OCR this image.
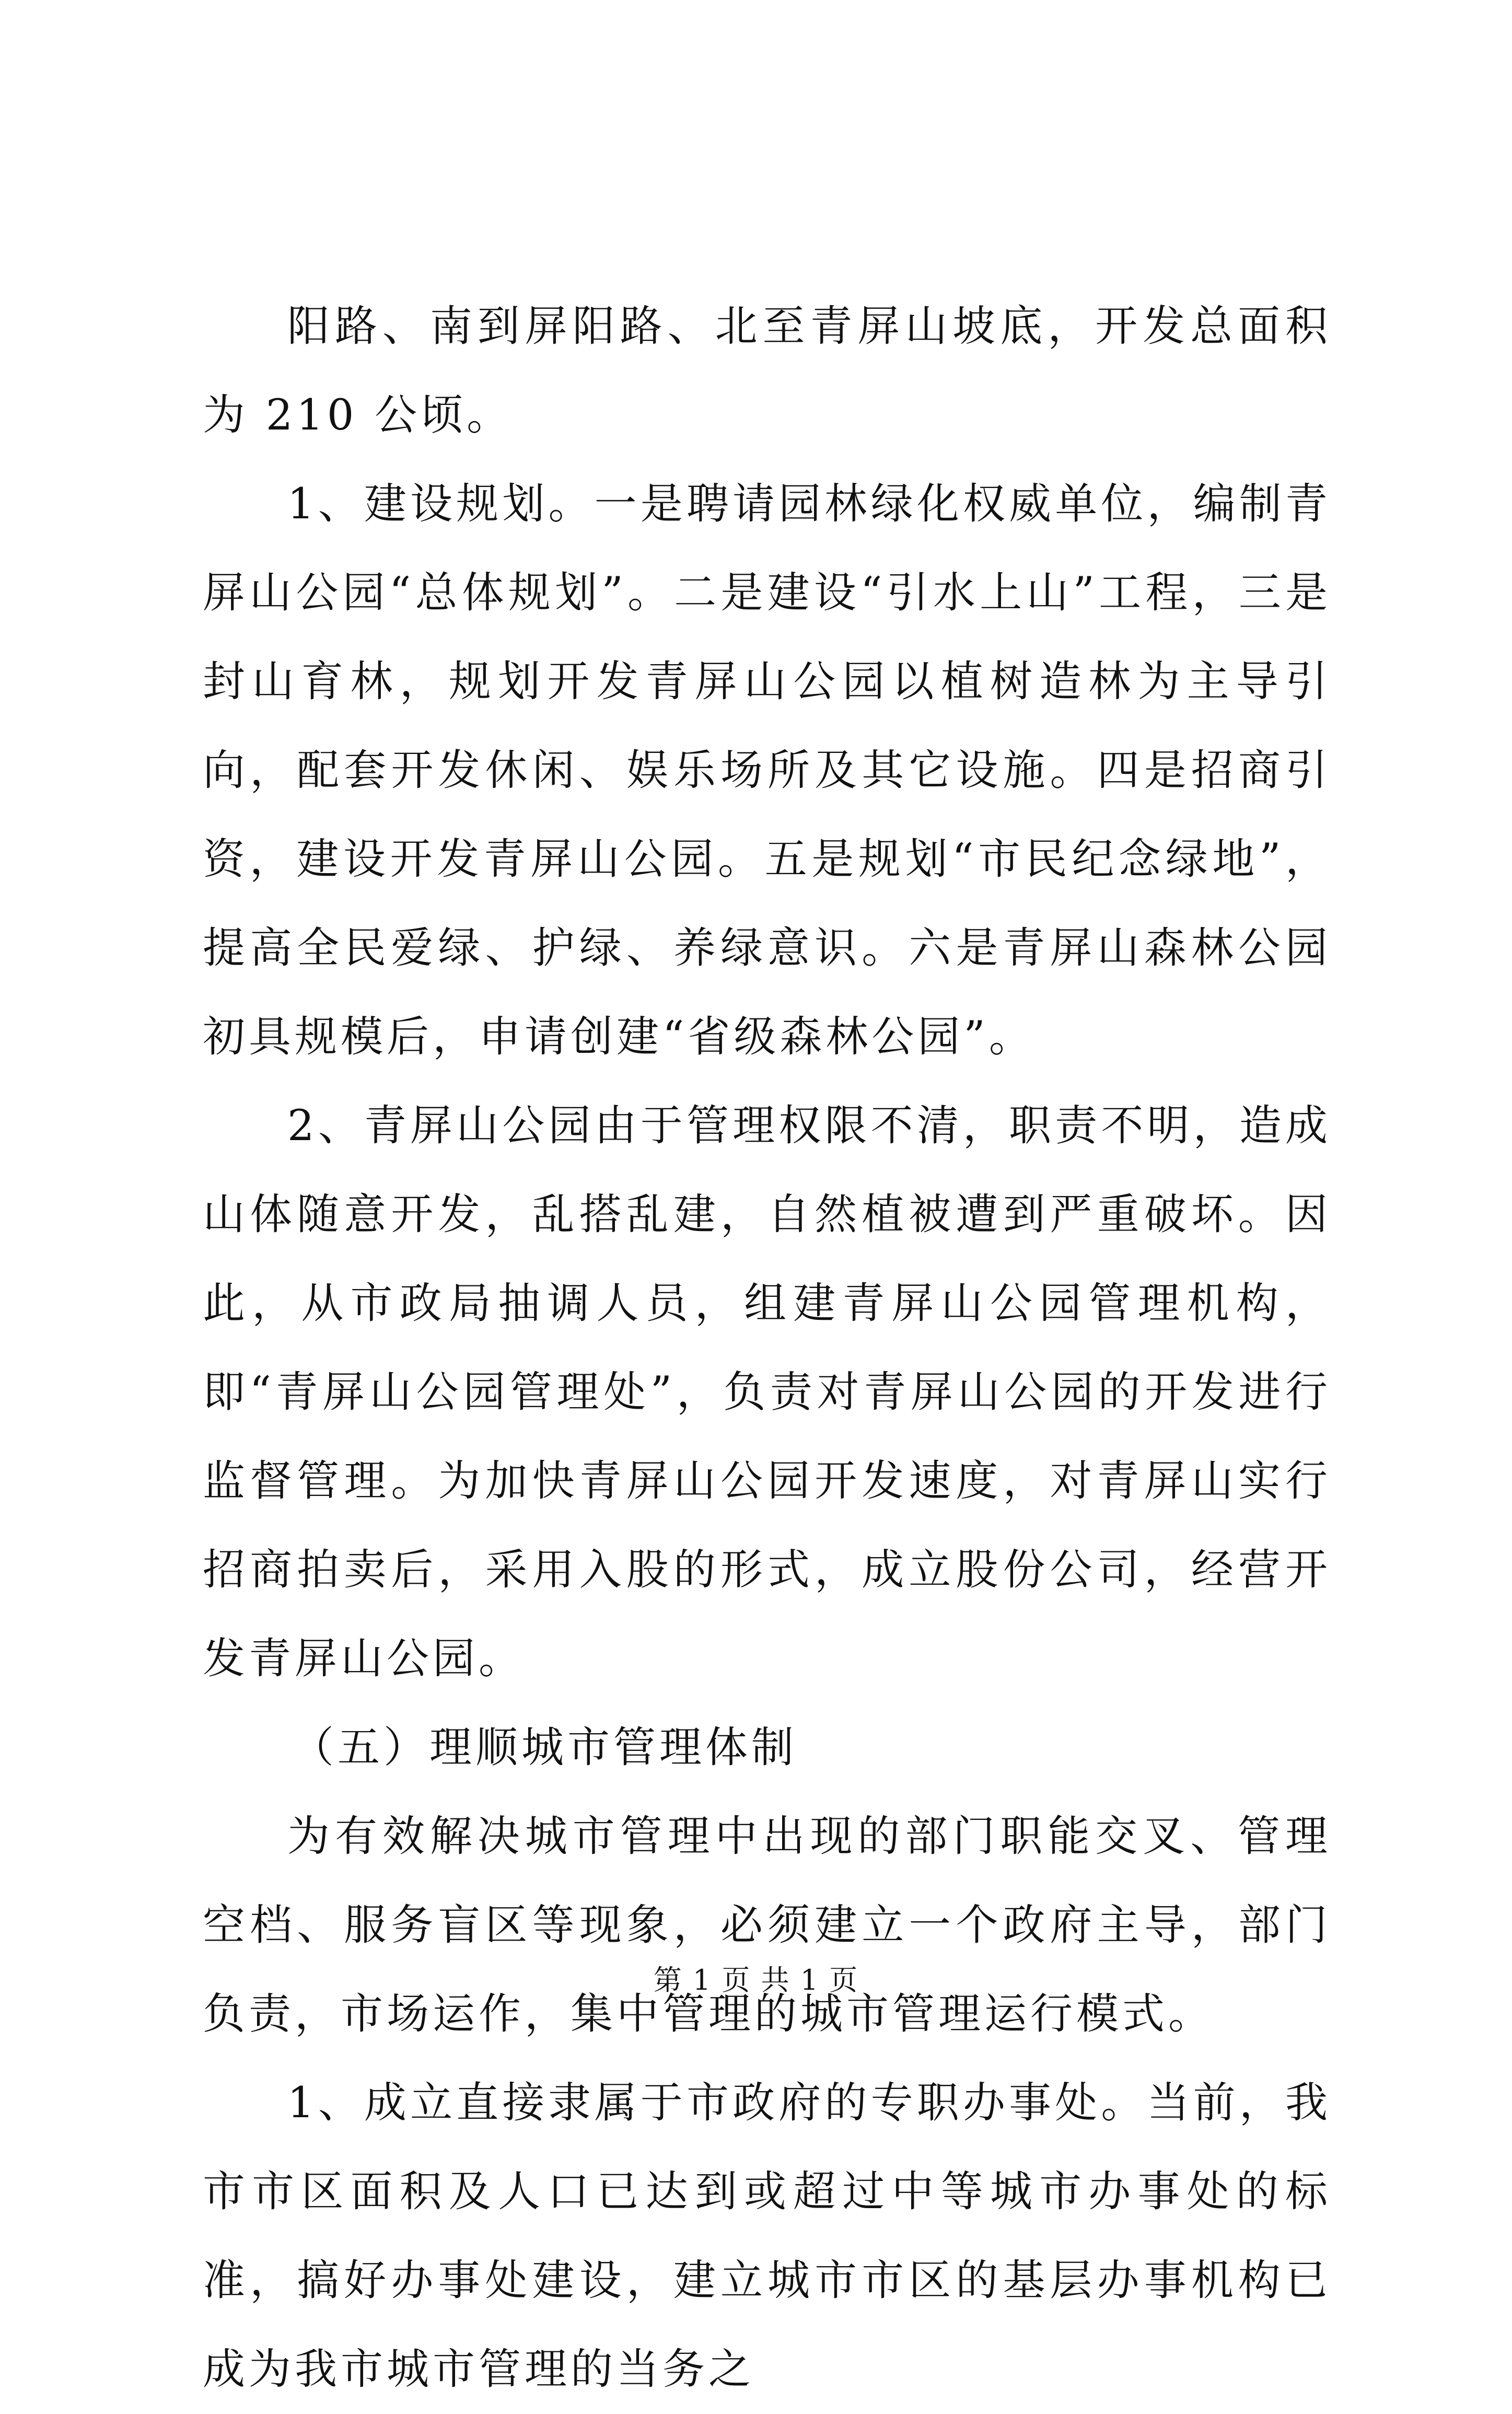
阳路、南到屏阳路、北至青屏山坡底，开发总面积为 210 公顷。

1、建设规划。一是聘请园林绿化权威单位，编制青屏山公园“总体规划”。二是建设“引水上山”工程，三是封山育林，规划开发青屏山公园以植树造林为主导引向，配套开发休闲、娱乐场所及其它设施。四是招商引资，建设开发青屏山公园。五是规划“市民纪念绿地”，提高全民爱绿、护绿、养绿意识。六是青屏山森林公园初具规模后，申请创建“省级森林公园”。

2、青屏山公园由于管理权限不清，职责不明，造成山体随意开发，乱搭乱建，自然植被遭到严重破坏。因此，从市政局抽调人员，组建青屏山公园管理机构，即“青屏山公园管理处”，负责对青屏山公园的开发进行监督管理。为加快青屏山公园开发速度，对青屏山实行招商拍卖后，采用入股的形式，成立股份公司，经营开发青屏山公园。

（五）理顺城市管理体制

为有效解决城市管理中出现的部门职能交叉、管理空档、服务盲区等现象，必须建立一个政府主导，部门负责，市场运作，集中管理的城市管理运行模式。

1、成立直接隶属于市政府的专职办事处。当前，我市市区面积及人口已达到或超过中等城市办事处的标准，搞好办事处建设，建立城市市区的基层办事机构已成为我市城市管理的当务之

第 1 页 共 1 页
